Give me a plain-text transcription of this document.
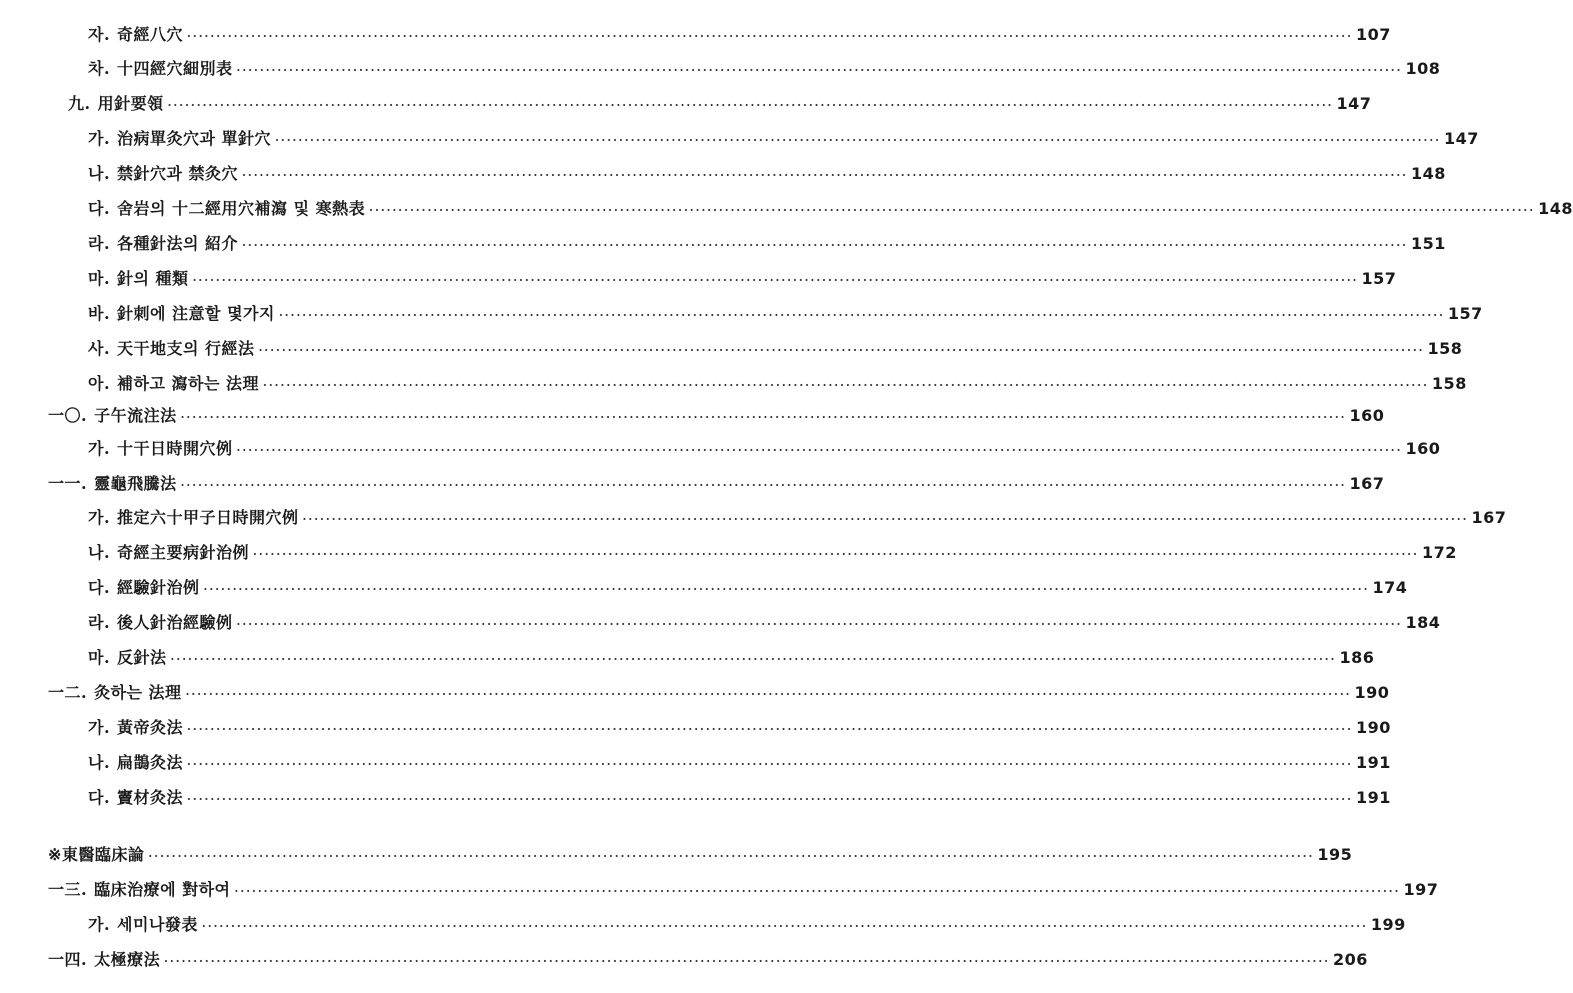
자. 奇經八穴 ········································································································································································································ 107
차. 十四經穴細別表 ········································································································································································································ 108
九. 用針要領 ········································································································································································································ 147
가. 治病單灸穴과 單針穴 ········································································································································································································ 147
나. 禁針穴과 禁灸穴 ········································································································································································································ 148
다. 舍岩의 十二經用穴補瀉 및 寒熱表 ········································································································································································································ 148
라. 各種針法의 紹介 ········································································································································································································ 151
마. 針의 種類 ········································································································································································································ 157
바. 針刺에 注意할 몇가지 ········································································································································································································ 157
사. 天干地支의 行經法 ········································································································································································································ 158
아. 補하고 瀉하는 法理 ········································································································································································································ 158
一〇. 子午流注法 ········································································································································································································ 160
가. 十干日時開穴例 ········································································································································································································ 160
一一. 靈龜飛騰法 ········································································································································································································ 167
가. 推定六十甲子日時開穴例 ········································································································································································································ 167
나. 奇經主要病針治例 ········································································································································································································ 172
다. 經驗針治例 ········································································································································································································ 174
라. 後人針治經驗例 ········································································································································································································ 184
마. 反針法 ········································································································································································································ 186
一二. 灸하는 法理 ········································································································································································································ 190
가. 黃帝灸法 ········································································································································································································ 190
나. 扁鵲灸法 ········································································································································································································ 191
다. 竇材灸法 ········································································································································································································ 191
※ 東醫臨床論 ········································································································································································································ 195
一三. 臨床治療에 對하여 ········································································································································································································ 197
가. 세미나發表 ········································································································································································································ 199
一四. 太極療法 ········································································································································································································ 206
